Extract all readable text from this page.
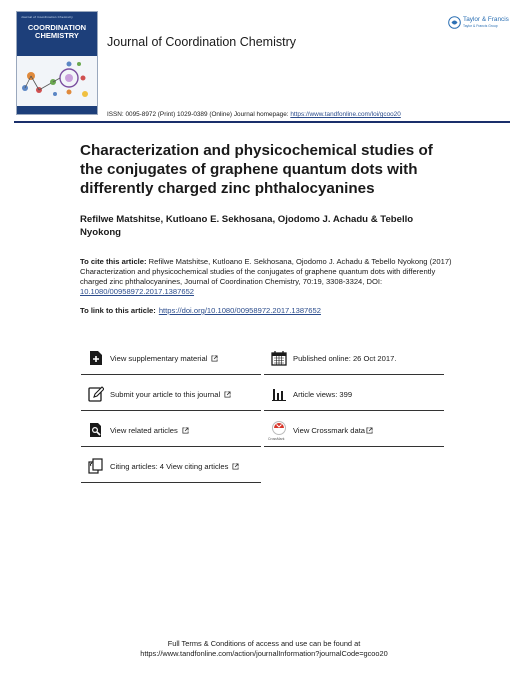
Journal of Coordination Chemistry
COORDINATION
CHEMISTRY	Journal of Coordination Chemistry
Taylor & Francis
Taylor & Francis Group
ISSN: 0095-8972 (Print) 1029-0389 (Online) Journal homepage: https://www.tandfonline.com/loi/gcoo20
Characterization and physicochemical studies of the conjugates of graphene quantum dots with differently charged zinc phthalocyanines
Refilwe Matshitse, Kutloano E. Sekhosana, Ojodomo J. Achadu & Tebello Nyokong
To cite this article: Refilwe Matshitse, Kutloano E. Sekhosana, Ojodomo J. Achadu & Tebello Nyokong (2017) Characterization and physicochemical studies of the conjugates of graphene quantum dots with differently charged zinc phthalocyanines, Journal of Coordination Chemistry, 70:19, 3308-3324, DOI: 10.1080/00958972.2017.1387652
To link to this article: https://doi.org/10.1080/00958972.2017.1387652
View supplementary material	Published online: 26 Oct 2017.
Submit your article to this journal	Article views: 399
View related articles
CrossMark
View Crossmark data
Citing articles: 4 View citing articles
Full Terms & Conditions of access and use can be found at
https://www.tandfonline.com/action/journalInformation?journalCode=gcoo20
